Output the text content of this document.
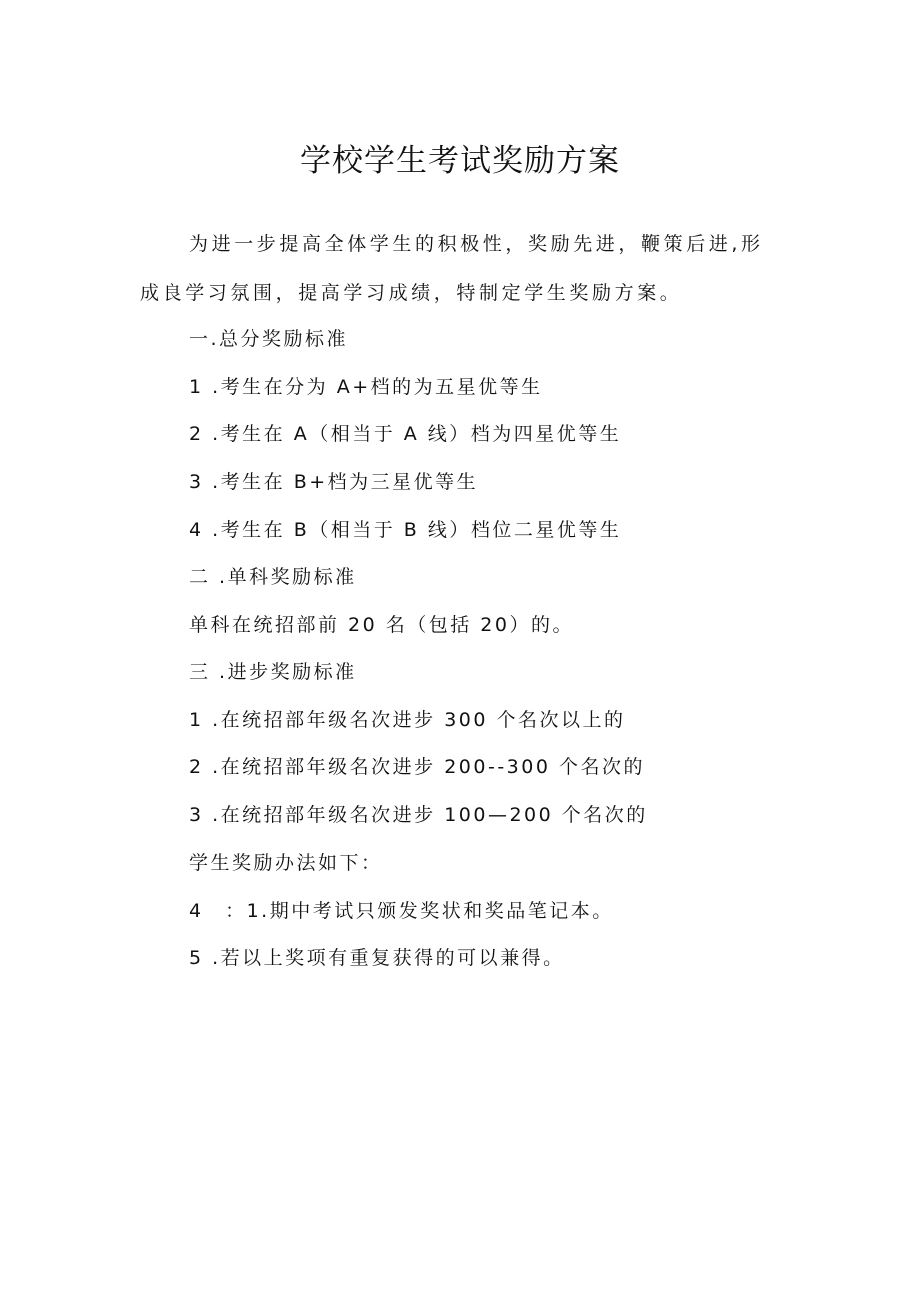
学校学生考试奖励方案
为进一步提高全体学生的积极性，奖励先进，鞭策后进,形
成良学习氛围，提高学习成绩，特制定学生奖励方案。
一.总分奖励标准
1 .考生在分为 A+档的为五星优等生
2 .考生在 A（相当于 A 线）档为四星优等生
3 .考生在 B+档为三星优等生
4 .考生在 B（相当于 B 线）档位二星优等生
二 .单科奖励标准
单科在统招部前 20 名（包括 20）的。
三 .进步奖励标准
1 .在统招部年级名次进步 300 个名次以上的
2 .在统招部年级名次进步 200--300 个名次的
3 .在统招部年级名次进步 100—200 个名次的
学生奖励办法如下：
4　：1.期中考试只颁发奖状和奖品笔记本。
5 .若以上奖项有重复获得的可以兼得。
